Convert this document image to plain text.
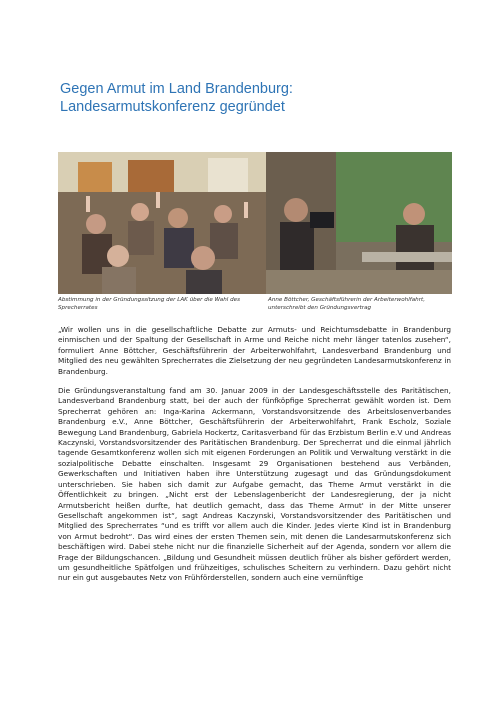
Gegen Armut im Land Brandenburg:
Landesarmutskonferenz gegründet
Abstimmung in der Gründungssitzung der LAK über die Wahl des Sprecherrates
Anne Böttcher, Geschäftsführerin der Arbeiterwohlfahrt, unterschreibt den Gründungsvertrag

„Wir wollen uns in die gesellschaftliche Debatte zur Armuts- und Reichtumsdebatte in Brandenburg einmischen und der Spaltung der Gesellschaft in Arme und Reiche nicht mehr länger tatenlos zusehen“, formuliert Anne Böttcher, Geschäftsführerin der Arbeiterwohlfahrt, Landesverband Brandenburg und Mitglied des neu gewählten Sprecherrates die Zielsetzung der neu gegründeten Landesarmutskonferenz in Brandenburg.

Die Gründungsveranstaltung fand am 30. Januar 2009 in der Landesgeschäftsstelle des Paritätischen, Landesverband Brandenburg statt, bei der auch der fünfköpfige Sprecherrat gewählt worden ist. Dem Sprecherrat gehören an: Inga-Karina Ackermann, Vorstandsvorsitzende des Arbeitslosenverbandes Brandenburg e.V., Anne Böttcher, Geschäftsführerin der Arbeiterwohlfahrt, Frank Escholz, Soziale Bewegung Land Brandenburg, Gabriela Hockertz, Caritasverband für das Erzbistum Berlin e.V und Andreas Kaczynski, Vorstandsvorsitzender des Paritätischen Brandenburg. Der Sprecherrat und die einmal jährlich tagende Gesamtkonferenz wollen sich mit eigenen Forderungen an Politik und Verwaltung verstärkt in die sozialpolitische Debatte einschalten. Insgesamt 29 Organisationen bestehend aus Verbänden, Gewerkschaften und Initiativen haben ihre Unterstützung zugesagt und das Gründungsdokument unterschrieben. Sie haben sich damit zur Aufgabe gemacht, das Theme Armut verstärkt in die Öffentlichkeit zu bringen. „Nicht erst der Lebenslagenbericht der Landesregierung, der ja nicht Armutsbericht heißen durfte, hat deutlich gemacht, dass das Theme Armut' in der Mitte unserer Gesellschaft angekommen ist“, sagt Andreas Kaczynski, Vorstandsvorsitzender des Paritätischen und Mitglied des Sprecherrates “und es trifft vor allem auch die Kinder. Jedes vierte Kind ist in Brandenburg von Armut bedroht“. Das wird eines der ersten Themen sein, mit denen die Landesarmutskonferenz sich beschäftigen wird. Dabei stehe nicht nur die finanzielle Sicherheit auf der Agenda, sondern vor allem die Frage der Bildungschancen. „Bildung und Gesundheit müssen deutlich früher als bisher gefördert werden, um gesundheitliche Spätfolgen und frühzeitiges, schulisches Scheitern zu verhindern. Dazu gehört nicht nur ein gut ausgebautes Netz von Frühförderstellen, sondern auch eine vernünftige
